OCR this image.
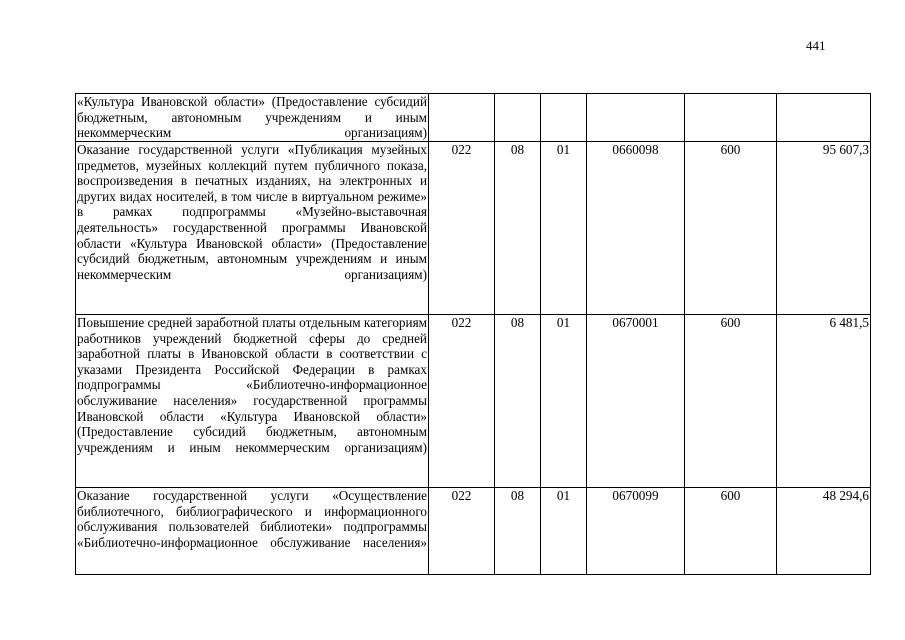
441
«Культура Ивановской области» (Предоставление субсидий бюджетным, автономным учреждениям и иным некоммерческим организациям)						
Оказание государственной услуги «Публикация музейных предметов, музейных коллекций путем публичного показа, воспроизведения в печатных изданиях, на электронных и других видах носителей, в том числе в виртуальном режиме» в рамках подпрограммы «Музейно-выставочная деятельность» государственной программы Ивановской области «Культура Ивановской области» (Предоставление субсидий бюджетным, автономным учреждениям и иным некоммерческим организациям)	022	08	01	0660098	600	95 607,3
Повышение средней заработной платы отдельным категориям работников учреждений бюджетной сферы до средней заработной платы в Ивановской области в соответствии с указами Президента Российской Федерации в рамках подпрограммы «Библиотечно-информационное обслуживание населения» государственной программы Ивановской области «Культура Ивановской области» (Предоставление субсидий бюджетным, автономным учреждениям и иным некоммерческим организациям)	022	08	01	0670001	600	6 481,5
Оказание государственной услуги «Осуществление библиотечного, библиографического и информационного обслуживания пользователей библиотеки» подпрограммы «Библиотечно-информационное обслуживание населения»	022	08	01	0670099	600	48 294,6
